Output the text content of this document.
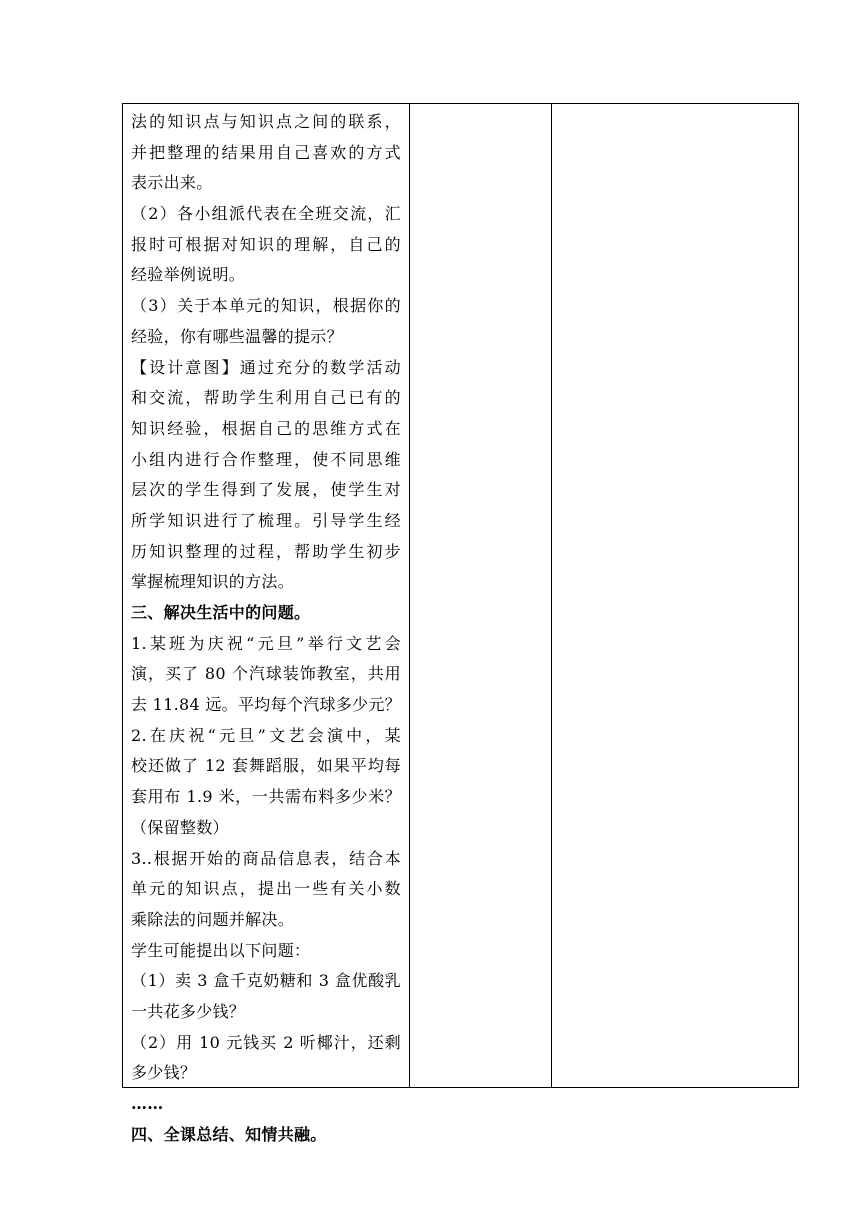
法的知识点与知识点之间的联系，
并把整理的结果用自己喜欢的方式
表示出来。
（2）各小组派代表在全班交流，汇
报时可根据对知识的理解，自己的
经验举例说明。
（3）关于本单元的知识，根据你的
经验，你有哪些温馨的提示？
【设计意图】通过充分的数学活动
和交流，帮助学生利用自己已有的
知识经验，根据自己的思维方式在
小组内进行合作整理，使不同思维
层次的学生得到了发展，使学生对
所学知识进行了梳理。引导学生经
历知识整理的过程，帮助学生初步
掌握梳理知识的方法。
三、解决生活中的问题。
1.某班为庆祝“元旦”举行文艺会
演，买了 80 个汽球装饰教室，共用
去 11.84 远。平均每个汽球多少元？
2.在庆祝“元旦”文艺会演中，某
校还做了 12 套舞蹈服，如果平均每
套用布 1.9 米，一共需布料多少米？
（保留整数）
3..根据开始的商品信息表，结合本
单元的知识点，提出一些有关小数
乘除法的问题并解决。
学生可能提出以下问题：
（1）卖 3 盒千克奶糖和 3 盒优酸乳
一共花多少钱？
（2）用 10 元钱买 2 听椰汁，还剩
多少钱？
……
四、全课总结、知情共融。
